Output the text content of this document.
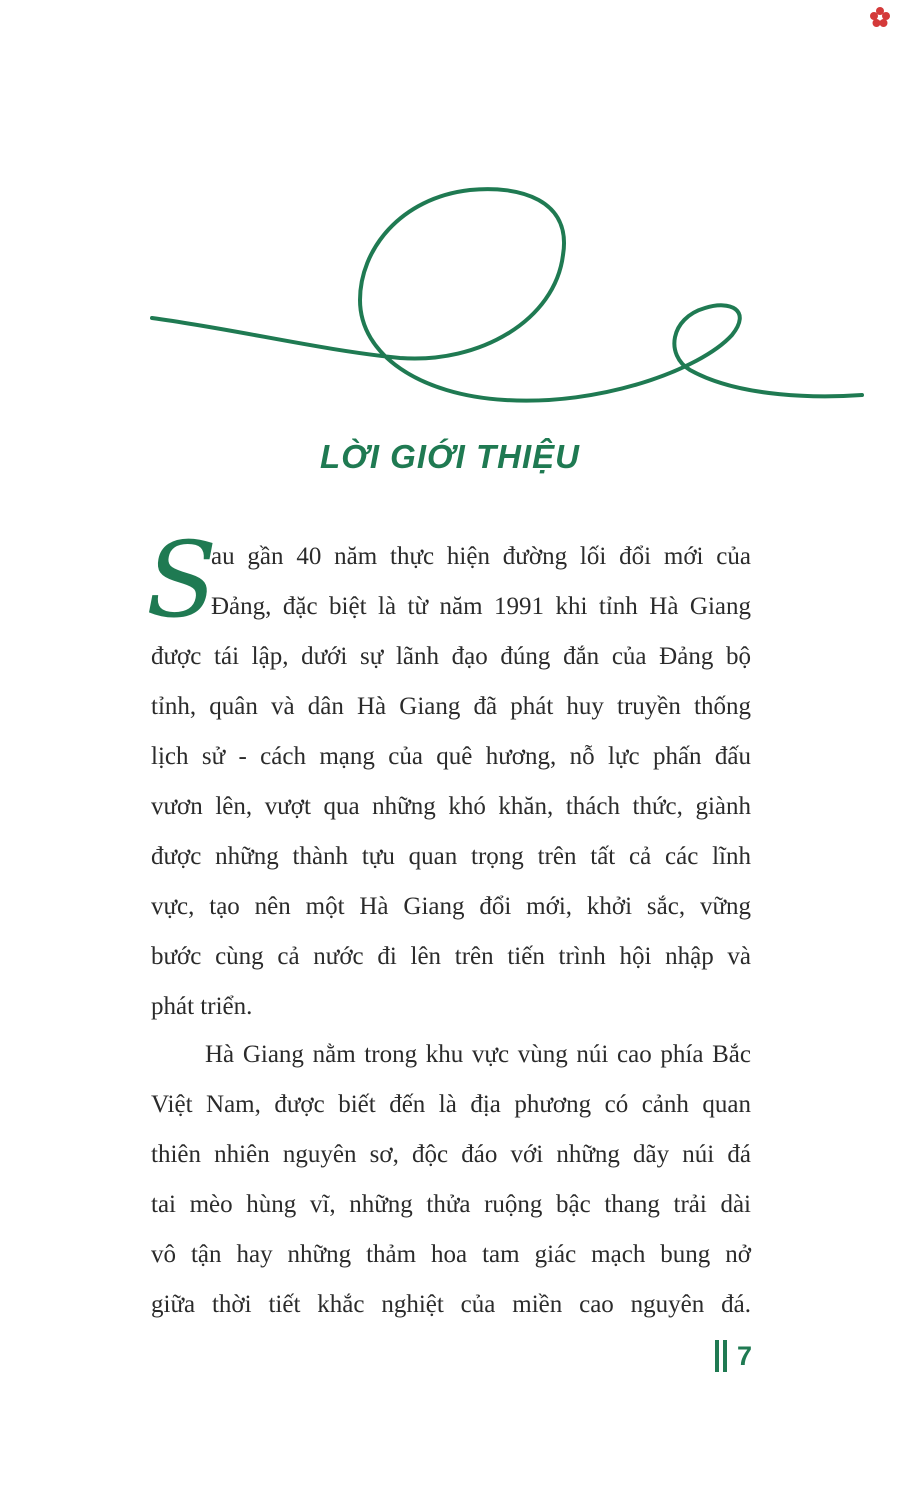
LỜI GIỚI THIỆU
S
au gần 40 năm thực hiện đường lối đổi mới của
Đảng, đặc biệt là từ năm 1991 khi tỉnh Hà Giang
được tái lập, dưới sự lãnh đạo đúng đắn của Đảng bộ
tỉnh, quân và dân Hà Giang đã phát huy truyền thống
lịch sử - cách mạng của quê hương, nỗ lực phấn đấu
vươn lên, vượt qua những khó khăn, thách thức, giành
được những thành tựu quan trọng trên tất cả các lĩnh
vực, tạo nên một Hà Giang đổi mới, khởi sắc, vững
bước cùng cả nước đi lên trên tiến trình hội nhập và
phát triển.
Hà Giang nằm trong khu vực vùng núi cao phía Bắc
Việt Nam, được biết đến là địa phương có cảnh quan
thiên nhiên nguyên sơ, độc đáo với những dãy núi đá
tai mèo hùng vĩ, những thửa ruộng bậc thang trải dài
vô tận hay những thảm hoa tam giác mạch bung nở
giữa thời tiết khắc nghiệt của miền cao nguyên đá.
7
